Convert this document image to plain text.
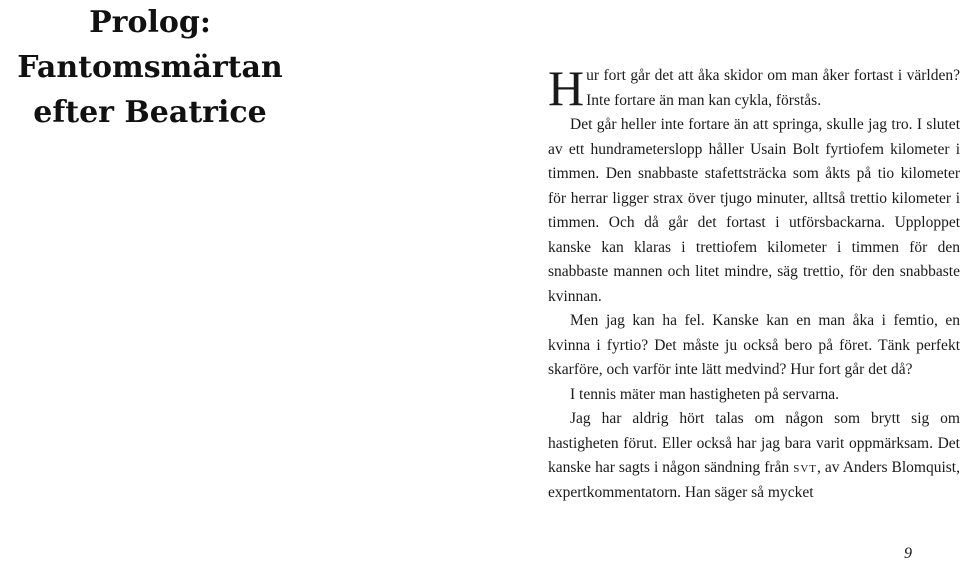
Prolog:
Fantomsmärtan
efter Beatrice	Hur fort går det att åka skidor om man åker fortast i världen? Inte fortare än man kan cykla, förstås.

Det går heller inte fortare än att springa, skulle jag tro. I slutet av ett hundrameterslopp håller Usain Bolt fyrtiofem kilometer i timmen. Den snabbaste stafettsträcka som åkts på tio kilometer för herrar ligger strax över tjugo minuter, alltså trettio kilometer i timmen. Och då går det fortast i utförsbackarna. Upploppet kanske kan klaras i trettiofem kilometer i timmen för den snabbaste mannen och litet mindre, säg trettio, för den snabbaste kvinnan.

Men jag kan ha fel. Kanske kan en man åka i femtio, en kvinna i fyrtio? Det måste ju också bero på föret. Tänk perfekt skarföre, och varför inte lätt medvind? Hur fort går det då?

I tennis mäter man hastigheten på servarna.

Jag har aldrig hört talas om någon som brytt sig om hastigheten förut. Eller också har jag bara varit oppmärksam. Det kanske har sagts i någon sändning från svt, av Anders Blomquist, expertkommentatorn. Han säger så mycket

9
